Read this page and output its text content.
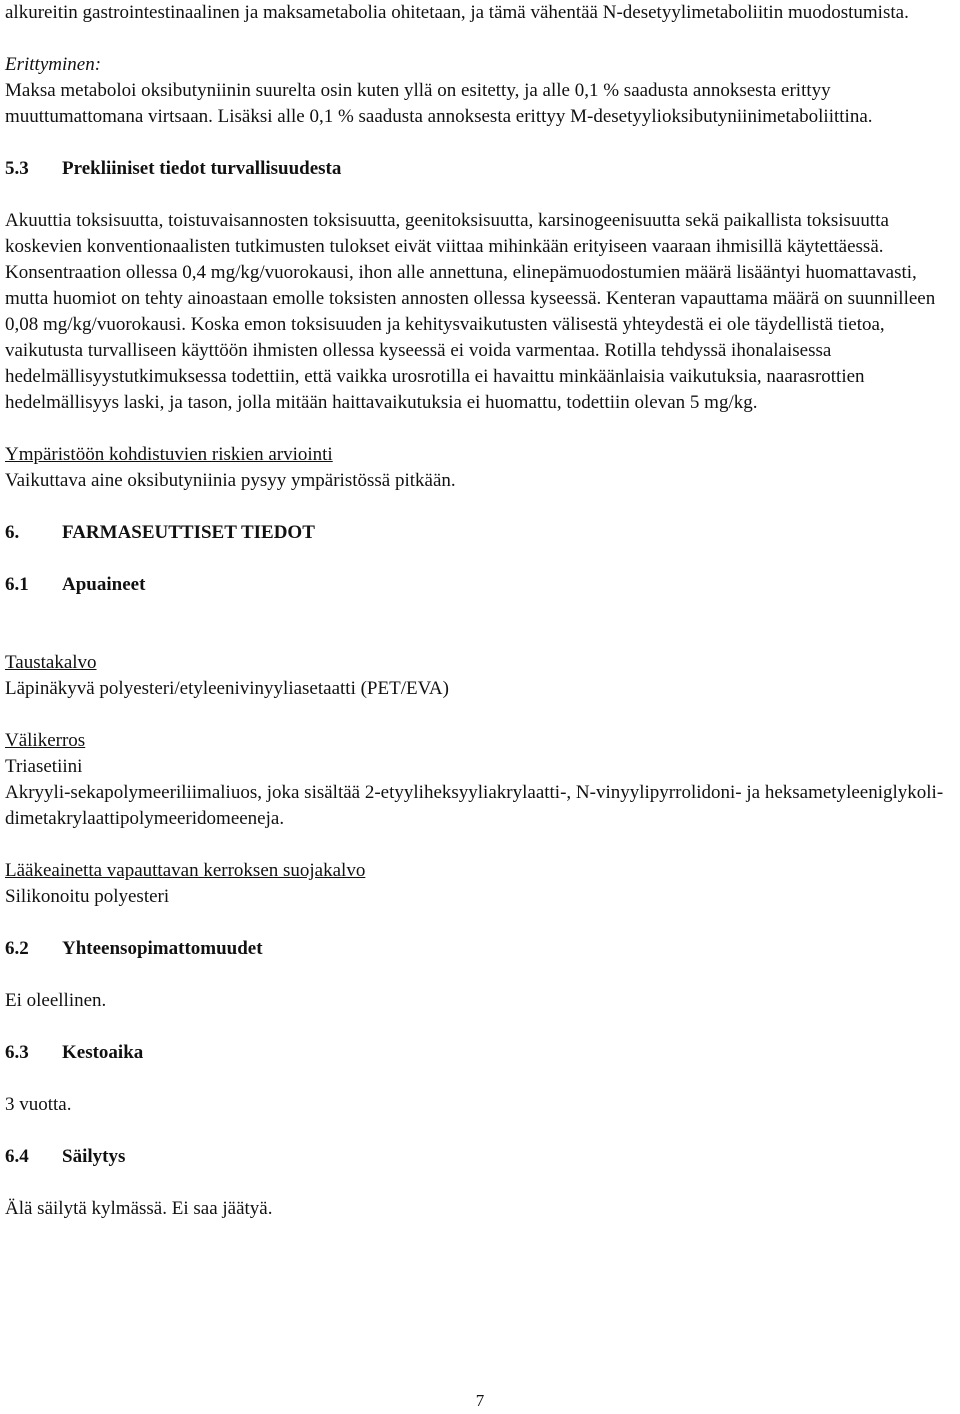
alkureitin gastrointestinaalinen ja maksametabolia ohitetaan, ja tämä vähentää N-desetyylimetaboliitin muodostumista.

Erittyminen:

Maksa metaboloi oksibutyniinin suurelta osin kuten yllä on esitetty, ja alle 0,1 % saadusta annoksesta erittyy muuttumattomana virtsaan. Lisäksi alle 0,1 % saadusta annoksesta erittyy M-desetyylioksibutyniinimetaboliittina.

5.3	Prekliiniset tiedot turvallisuudesta

Akuuttia toksisuutta, toistuvaisannosten toksisuutta, geenitoksisuutta, karsinogeenisuutta sekä paikallista toksisuutta koskevien konventionaalisten tutkimusten tulokset eivät viittaa mihinkään erityiseen vaaraan ihmisillä käytettäessä. Konsentraation ollessa 0,4 mg/kg/vuorokausi, ihon alle annettuna, elinepämuodostumien määrä lisääntyi huomattavasti, mutta huomiot on tehty ainoastaan emolle toksisten annosten ollessa kyseessä. Kenteran vapauttama määrä on suunnilleen 0,08 mg/kg/vuorokausi. Koska emon toksisuuden ja kehitysvaikutusten välisestä yhteydestä ei ole täydellistä tietoa, vaikutusta turvalliseen käyttöön ihmisten ollessa kyseessä ei voida varmentaa. Rotilla tehdyssä ihonalaisessa hedelmällisyystutkimuksessa todettiin, että vaikka urosrotilla ei havaittu minkäänlaisia vaikutuksia, naarasrottien hedelmällisyys laski, ja tason, jolla mitään haittavaikutuksia ei huomattu, todettiin olevan 5 mg/kg.

Ympäristöön kohdistuvien riskien arviointi

Vaikuttava aine oksibutyniinia pysyy ympäristössä pitkään.

6.	FARMASEUTTISET TIEDOT
6.1	Apuaineet

Taustakalvo

Läpinäkyvä polyesteri/etyleenivinyyliasetaatti (PET/EVA)

Välikerros

Triasetiini

Akryyli-sekapolymeeriliimaliuos, joka sisältää 2-etyyliheksyyliakrylaatti-, N-vinyylipyrrolidoni- ja heksametyleeniglykoli-dimetakrylaattipolymeeridomeeneja.

Lääkeainetta vapauttavan kerroksen suojakalvo

Silikonoitu polyesteri

6.2	Yhteensopimattomuudet

Ei oleellinen.

6.3	Kestoaika

3 vuotta.

6.4	Säilytys

Älä säilytä kylmässä. Ei saa jäätyä.

7
